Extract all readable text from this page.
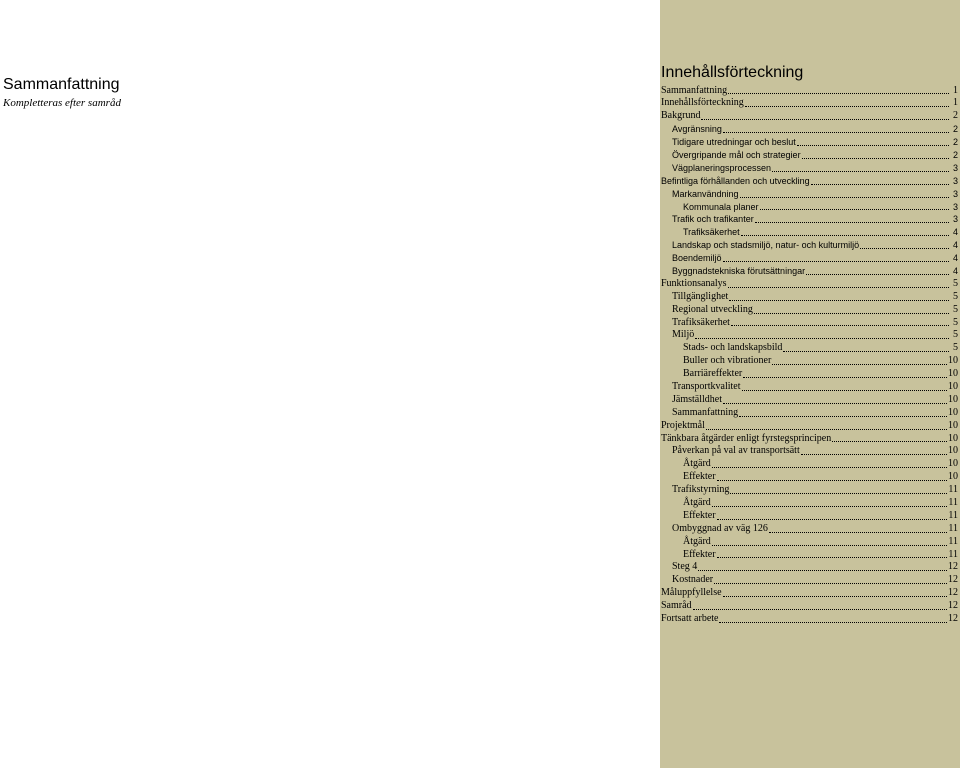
Sammanfattning
Kompletteras efter samråd
Innehållsförteckning
Sammanfattning	1
Innehållsförteckning	1
Bakgrund	2
Avgränsning	2
Tidigare utredningar och beslut	2
Övergripande mål och strategier	2
Vägplaneringsprocessen	3
Befintliga förhållanden och utveckling	3
Markanvändning	3
Kommunala planer	3
Trafik och trafikanter	3
Trafiksäkerhet	4
Landskap och stadsmiljö, natur- och kulturmiljö	4
Boendemiljö	4
Byggnadstekniska förutsättningar	4
Funktionsanalys	5
Tillgänglighet	5
Regional utveckling	5
Trafiksäkerhet	5
Miljö	5
Stads- och landskapsbild	5
Buller och vibrationer	10
Barriäreffekter	10
Transportkvalitet	10
Jämställdhet	10
Sammanfattning	10
Projektmål	10
Tänkbara åtgärder enligt fyrstegsprincipen	10
Påverkan på val av transportsätt	10
Åtgärd	10
Effekter	10
Trafikstyrning	11
Åtgärd	11
Effekter	11
Ombyggnad av väg 126	11
Åtgärd	11
Effekter	11
Steg 4	12
Kostnader	12
Måluppfyllelse	12
Samråd	12
Fortsatt arbete	12
